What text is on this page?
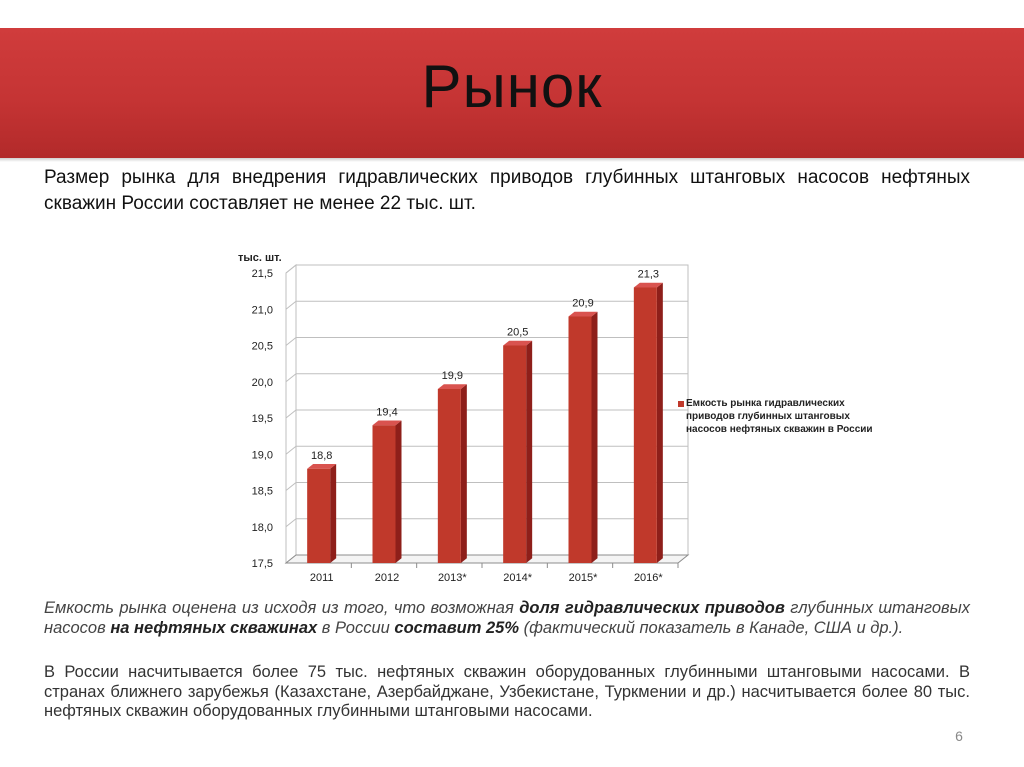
Рынок
Размер рынка для внедрения гидравлических приводов глубинных штанговых насосов нефтяных скважин России составляет не менее 22 тыс. шт.
17,5
18,0
18,5
19,0
19,5
20,0
20,5
21,0
21,5
тыс. шт.
18,8
2011
19,4
2012
19,9
2013*
20,5
2014*
20,9
2015*
21,3
2016*
Емкость рынка гидравлических приводов глубинных штанговых насосов нефтяных скважин в России
Емкость рынка оценена из исходя из того, что возможная доля гидравлических приводов глубинных штанговых насосов на нефтяных скважинах в России составит 25% (фактический показатель в Канаде, США и др.).
В России насчитывается более 75 тыс. нефтяных скважин оборудованных глубинными штанговыми насосами. В странах ближнего зарубежья (Казахстане, Азербайджане, Узбекистане, Туркмении и др.) насчитывается более 80 тыс. нефтяных скважин оборудованных глубинными штанговыми насосами.
6
